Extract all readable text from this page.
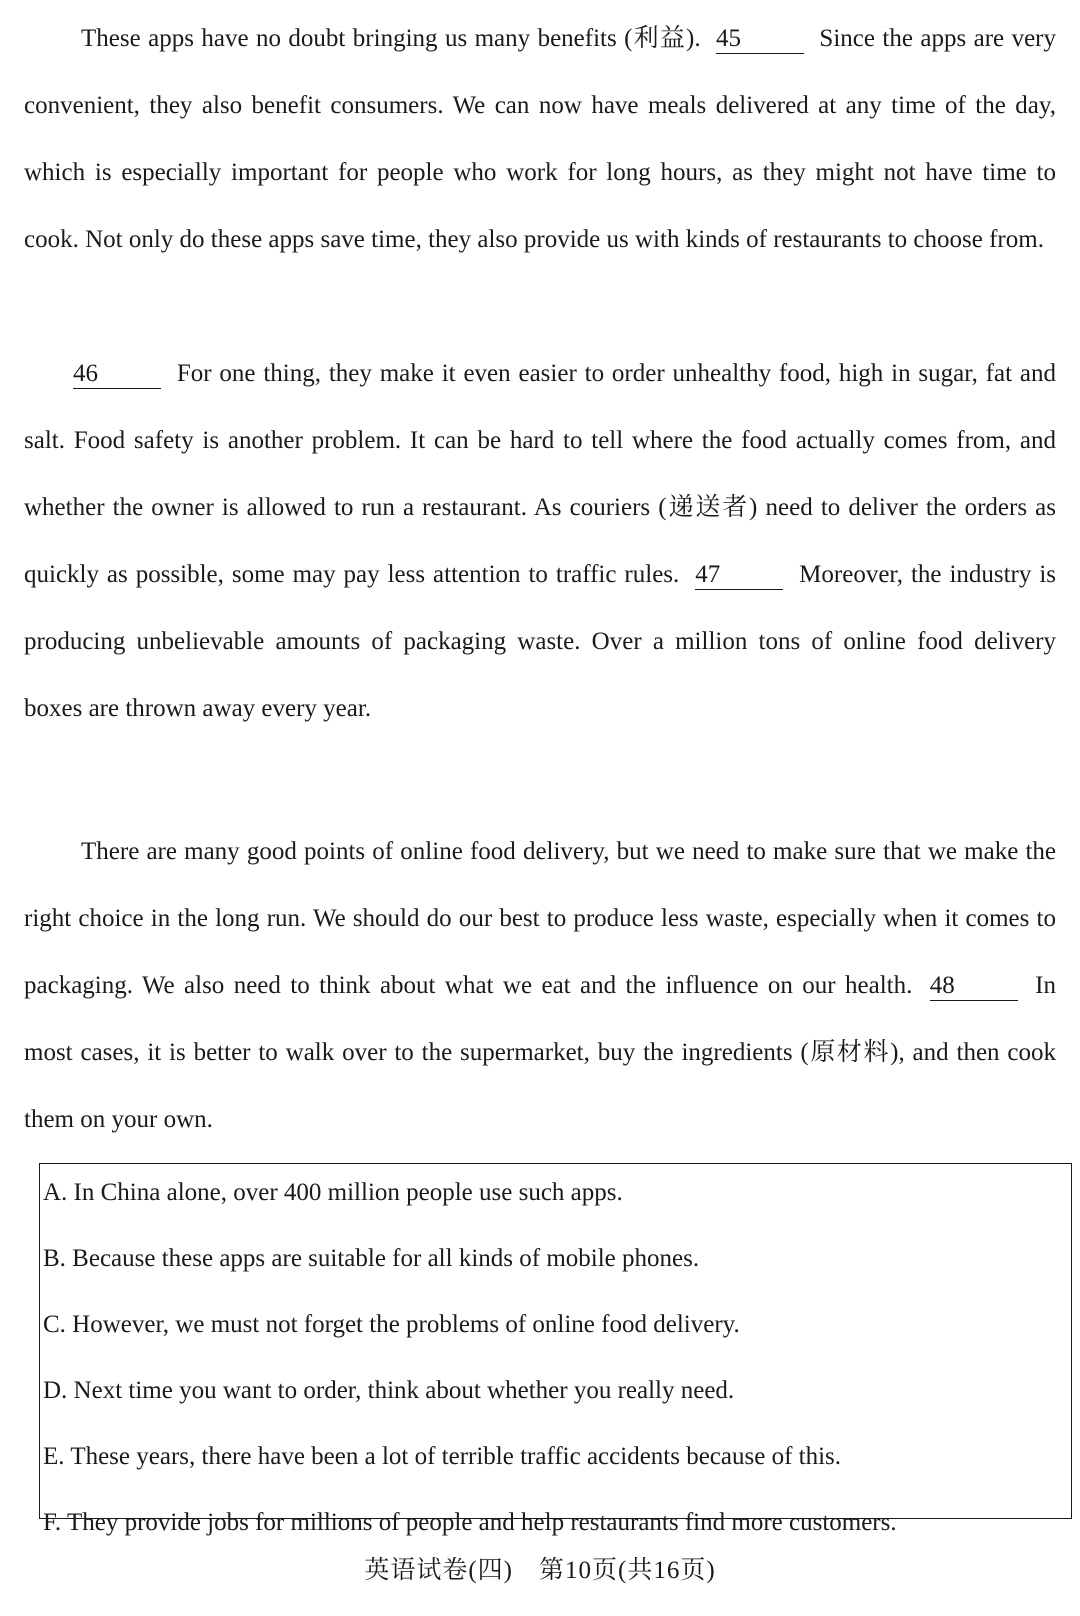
These apps have no doubt bringing us many benefits (利益). 45	Since the apps are very convenient, they also benefit consumers. We can now have meals delivered at any time of the day, which is especially important for people who work for long hours, as they might not have time to cook. Not only do these apps save time, they also provide us with kinds of restaurants to choose from.

46	For one thing, they make it even easier to order unhealthy food, high in sugar, fat and salt. Food safety is another problem. It can be hard to tell where the food actually comes from, and whether the owner is allowed to run a restaurant. As couriers (递送者) need to deliver the orders as quickly as possible, some may pay less attention to traffic rules. 47	Moreover, the industry is producing unbelievable amounts of packaging waste. Over a million tons of online food delivery boxes are thrown away every year.

There are many good points of online food delivery, but we need to make sure that we make the right choice in the long run. We should do our best to produce less waste, especially when it comes to packaging. We also need to think about what we eat and the influence on our health. 48	In most cases, it is better to walk over to the supermarket, buy the ingredients (原材料), and then cook them on your own.

A. In China alone, over 400 million people use such apps.

B. Because these apps are suitable for all kinds of mobile phones.

C. However, we must not forget the problems of online food delivery.

D. Next time you want to order, think about whether you really need.

E. These years, there have been a lot of terrible traffic accidents because of this.

F. They provide jobs for millions of people and help restaurants find more customers.

英语试卷(四)　第10页(共16页)
